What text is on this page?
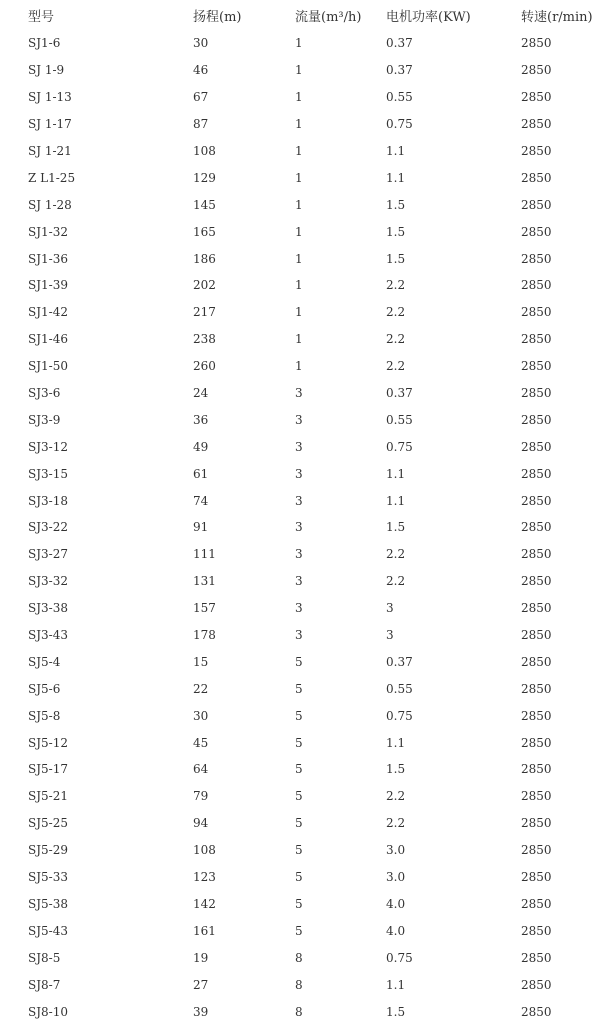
型号	扬程(m)	流量(m³/h)	电机功率(KW)	转速(r/min)
SJ1-6	30	1	0.37	2850
SJ 1-9	46	1	0.37	2850
SJ 1-13	67	1	0.55	2850
SJ 1-17	87	1	0.75	2850
SJ 1-21	108	1	1.1	2850
Z L1-25	129	1	1.1	2850
SJ 1-28	145	1	1.5	2850
SJ1-32	165	1	1.5	2850
SJ1-36	186	1	1.5	2850
SJ1-39	202	1	2.2	2850
SJ1-42	217	1	2.2	2850
SJ1-46	238	1	2.2	2850
SJ1-50	260	1	2.2	2850
SJ3-6	24	3	0.37	2850
SJ3-9	36	3	0.55	2850
SJ3-12	49	3	0.75	2850
SJ3-15	61	3	1.1	2850
SJ3-18	74	3	1.1	2850
SJ3-22	91	3	1.5	2850
SJ3-27	111	3	2.2	2850
SJ3-32	131	3	2.2	2850
SJ3-38	157	3	3	2850
SJ3-43	178	3	3	2850
SJ5-4	15	5	0.37	2850
SJ5-6	22	5	0.55	2850
SJ5-8	30	5	0.75	2850
SJ5-12	45	5	1.1	2850
SJ5-17	64	5	1.5	2850
SJ5-21	79	5	2.2	2850
SJ5-25	94	5	2.2	2850
SJ5-29	108	5	3.0	2850
SJ5-33	123	5	3.0	2850
SJ5-38	142	5	4.0	2850
SJ5-43	161	5	4.0	2850
SJ8-5	19	8	0.75	2850
SJ8-7	27	8	1.1	2850
SJ8-10	39	8	1.5	2850
